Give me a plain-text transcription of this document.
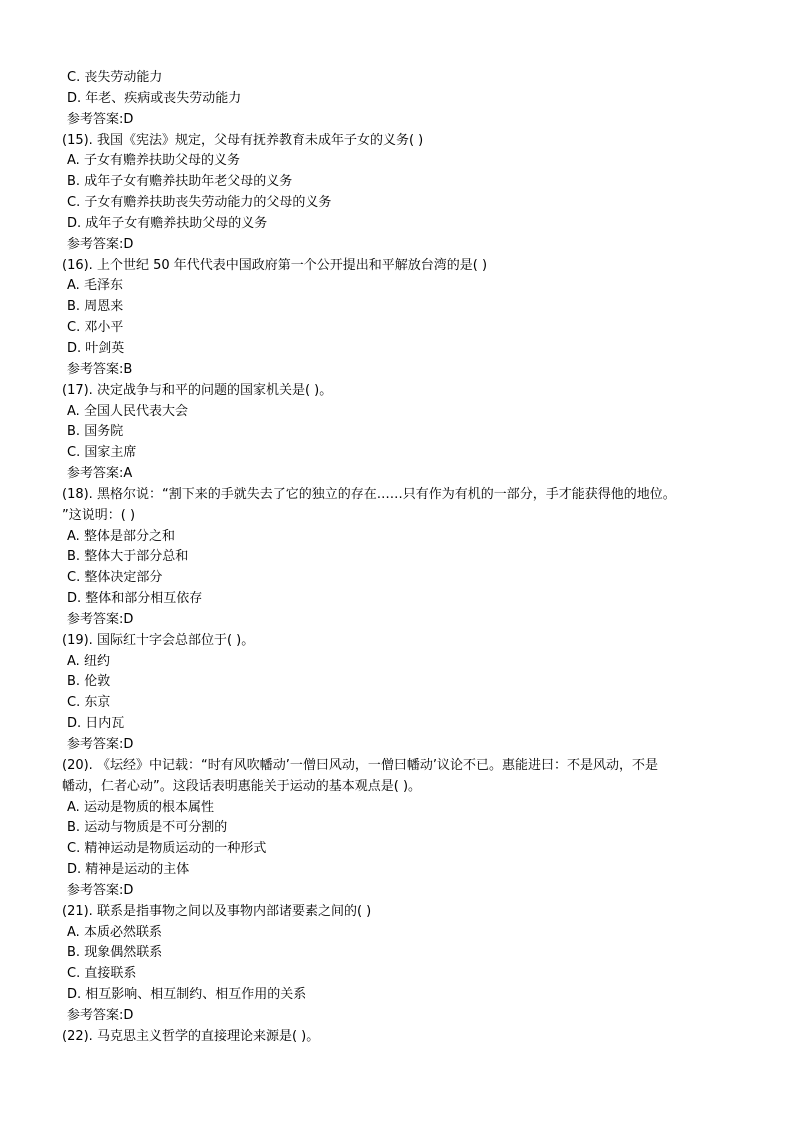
C. 丧失劳动能力
D. 年老、疾病或丧失劳动能力
参考答案:D
(15). 我国《宪法》规定，父母有抚养教育未成年子女的义务( )
A. 子女有赡养扶助父母的义务
B. 成年子女有赡养扶助年老父母的义务
C. 子女有赡养扶助丧失劳动能力的父母的义务
D. 成年子女有赡养扶助父母的义务
参考答案:D
(16). 上个世纪 50 年代代表中国政府第一个公开提出和平解放台湾的是( )
A. 毛泽东
B. 周恩来
C. 邓小平
D. 叶剑英
参考答案:B
(17). 决定战争与和平的问题的国家机关是( )。
A. 全国人民代表大会
B. 国务院
C. 国家主席
参考答案:A
(18). 黑格尔说：“割下来的手就失去了它的独立的存在……只有作为有机的一部分，手才能获得他的地位。
”这说明：( )
A. 整体是部分之和
B. 整体大于部分总和
C. 整体决定部分
D. 整体和部分相互依存
参考答案:D
(19). 国际红十字会总部位于( )。
A. 纽约
B. 伦敦
C. 东京
D. 日内瓦
参考答案:D
(20). 《坛经》中记载：“时有风吹幡动’一僧曰风动，一僧曰幡动’议论不已。惠能进曰：不是风动，不是
幡动，仁者心动”。这段话表明惠能关于运动的基本观点是( )。
A. 运动是物质的根本属性
B. 运动与物质是不可分割的
C. 精神运动是物质运动的一种形式
D. 精神是运动的主体
参考答案:D
(21). 联系是指事物之间以及事物内部诸要素之间的( )
A. 本质必然联系
B. 现象偶然联系
C. 直接联系
D. 相互影响、相互制约、相互作用的关系
参考答案:D
(22). 马克思主义哲学的直接理论来源是( )。
